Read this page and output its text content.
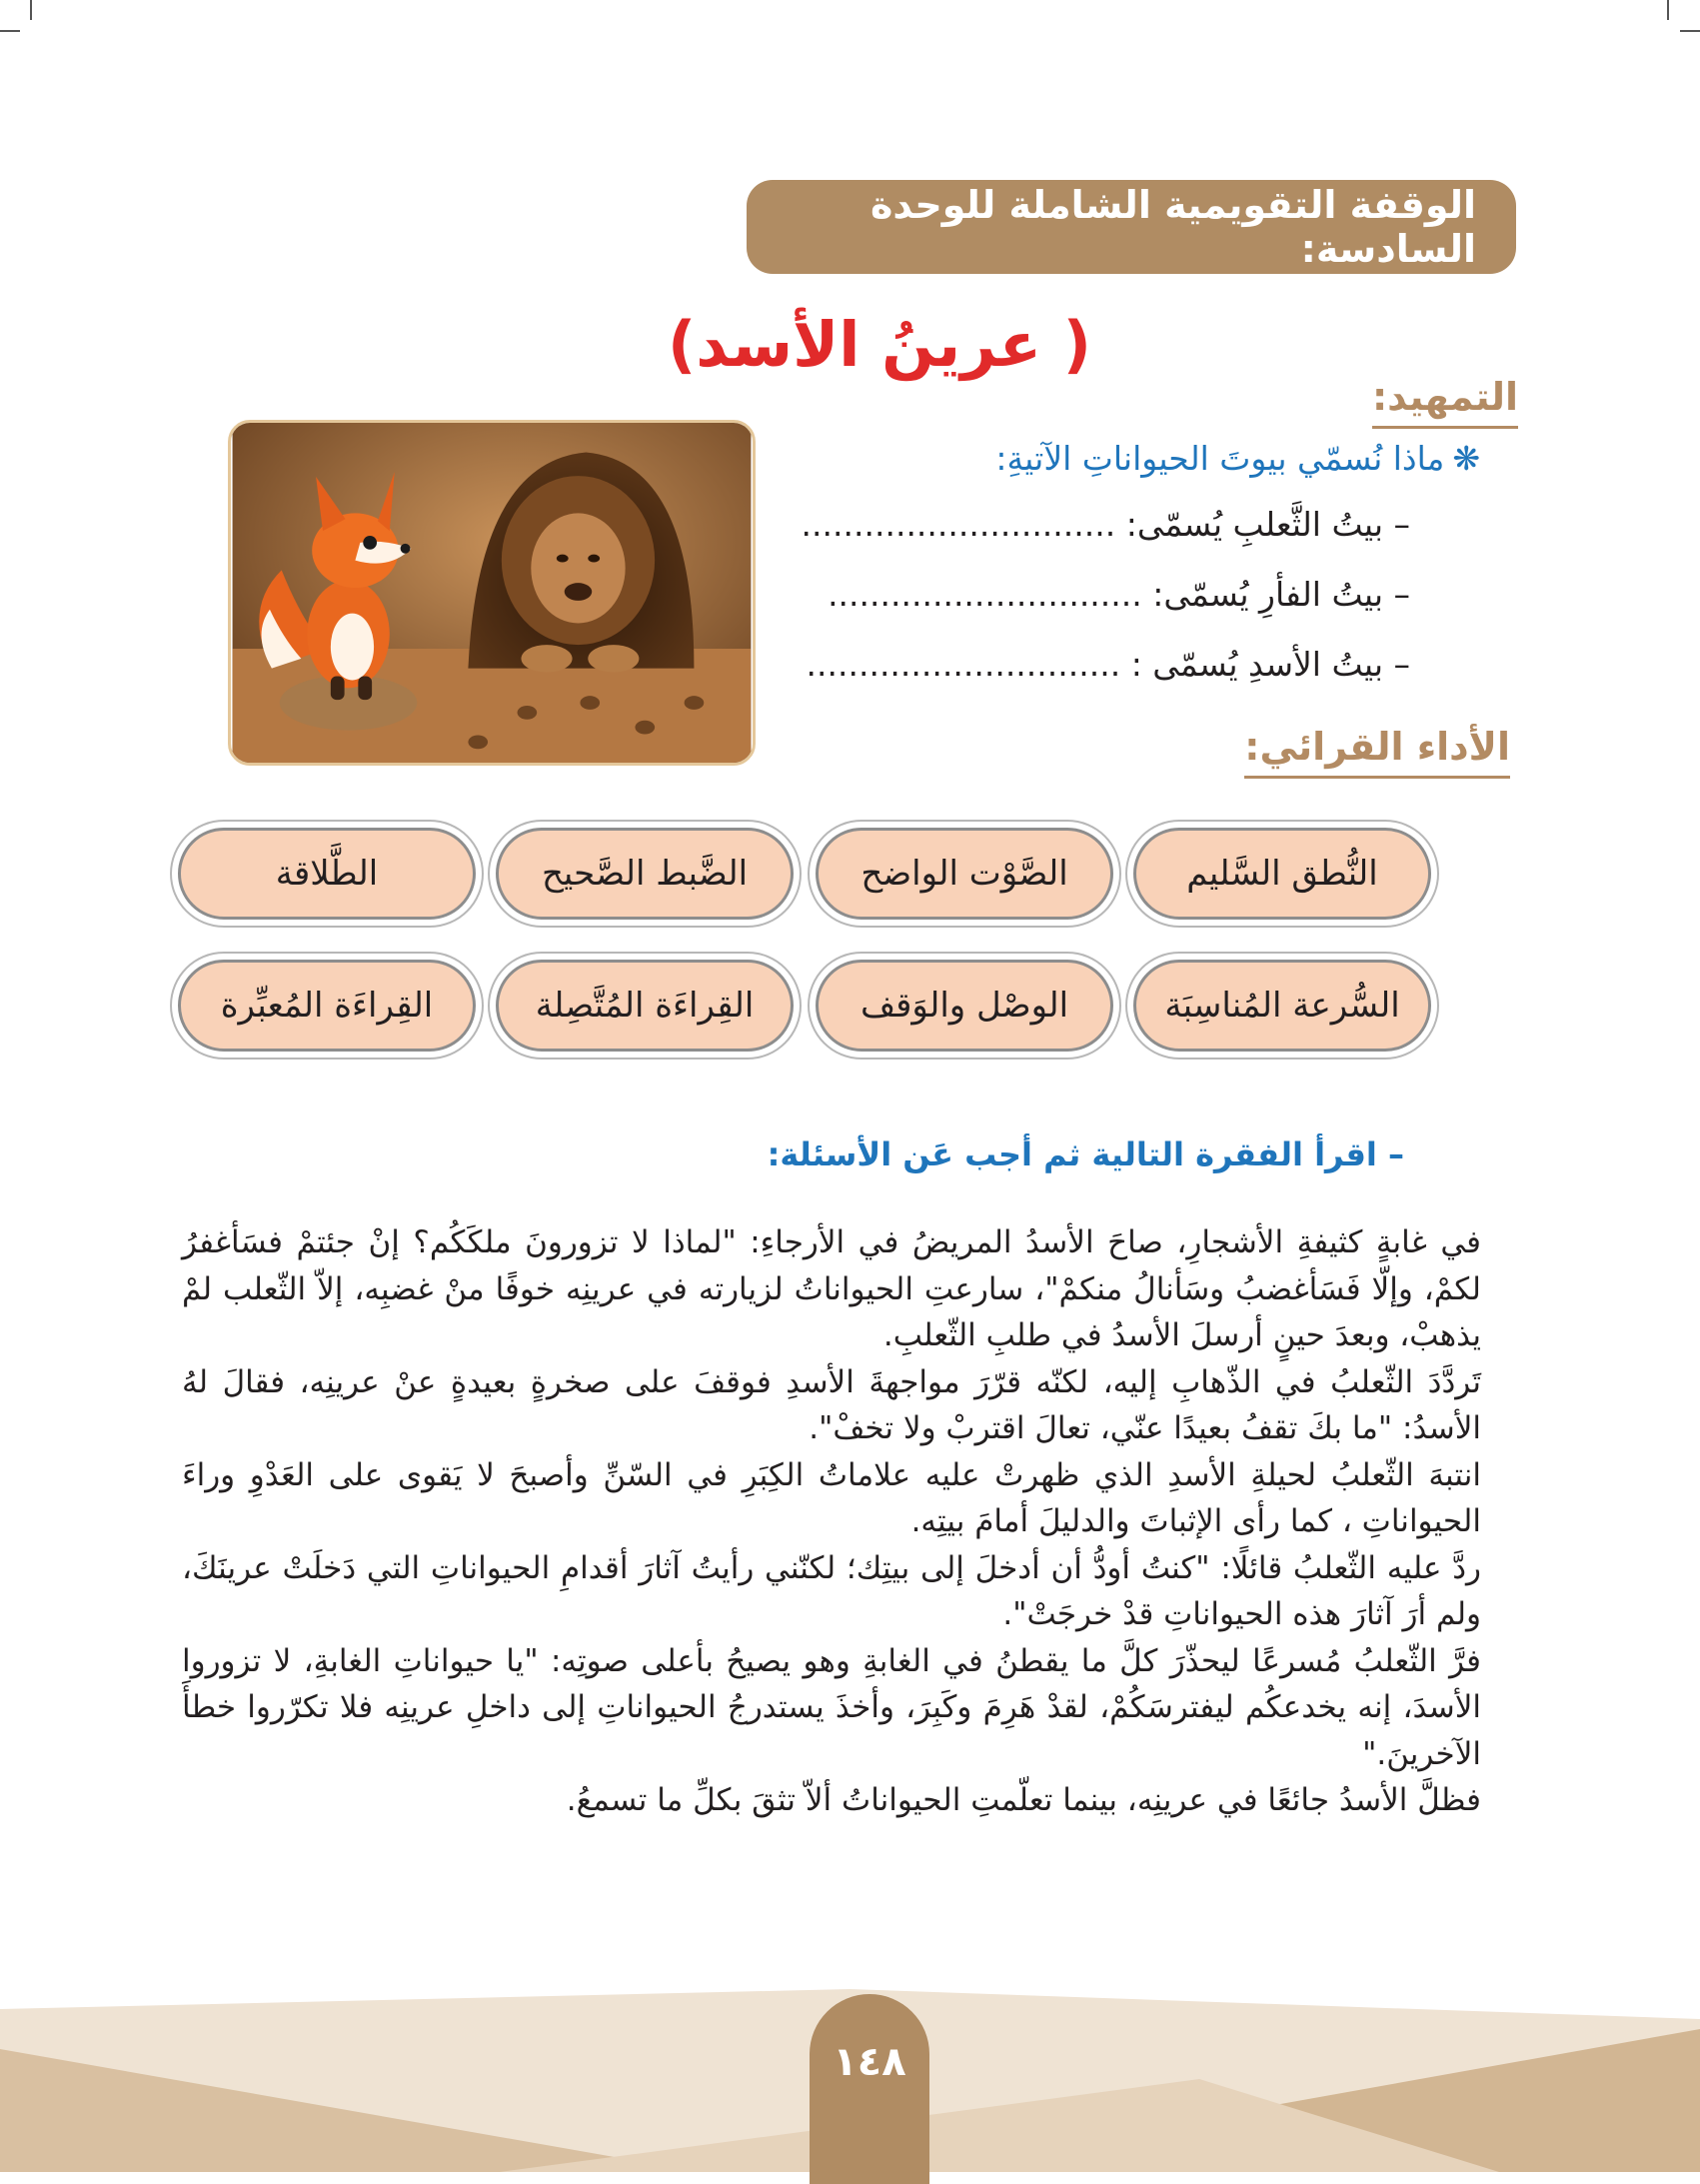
الوقفة التقويمية الشاملة للوحدة السادسة:
( عرينُ الأسد)
التمهيد:
❋ماذا نُسمّي بيوتَ الحيواناتِ الآتيةِ:
– بيتُ الثَّعلبِ يُسمّى: ..............................
– بيتُ الفأرِ يُسمّى: ..............................
– بيتُ الأسدِ يُسمّى : ..............................
الأداء القرائي:
النُّطق السَّليم
الصَّوْت الواضح
الضَّبط الصَّحيح
الطَّلاقة
السُّرعة المُناسِبَة
الوصْل والوَقف
القِراءَة المُتَّصِلة
القِراءَة المُعبِّرة
– اقرأ الفقرة التالية ثم أجب عَن الأسئلة:

في غابةٍ كثيفةِ الأشجارِ، صاحَ الأسدُ المريضُ في الأرجاءِ: "لماذا لا تزورونَ ملكَكُم؟ إنْ جئتمْ فسَأغفرُ لكمْ، وإلّا فَسَأغضبُ وسَأنالُ منكمْ"، سارعتِ الحيواناتُ لزيارته في عرينِه خوفًا منْ غضبِه، إلاّ الثّعلب لمْ يذهبْ، وبعدَ حينٍ أرسلَ الأسدُ في طلبِ الثّعلبِ.

تَردَّدَ الثّعلبُ في الذّهابِ إليه، لكنّه قرّرَ مواجهةَ الأسدِ فوقفَ على صخرةٍ بعيدةٍ عنْ عرينِه، فقالَ لهُ الأسدُ: "ما بكَ تقفُ بعيدًا عنّي، تعالَ اقتربْ ولا تخفْ".

انتبهَ الثّعلبُ لحيلةِ الأسدِ الذي ظهرتْ عليه علاماتُ الكِبَرِ في السّنِّ وأصبحَ لا يَقوى على العَدْوِ وراءَ الحيواناتِ ، كما رأى الإثباتَ والدليلَ أمامَ بيتِه.

ردَّ عليه الثّعلبُ قائلًا: "كنتُ أودُّ أن أدخلَ إلى بيتِك؛ لكنّني رأيتُ آثارَ أقدامِ الحيواناتِ التي دَخلَتْ عرينَكَ، ولم أرَ آثارَ هذه الحيواناتِ قدْ خرجَتْ".

فرَّ الثّعلبُ مُسرعًا ليحذّرَ كلَّ ما يقطنُ في الغابةِ وهو يصيحُ بأعلى صوتِه: "يا حيواناتِ الغابةِ، لا تزوروا الأسدَ، إنه يخدعكُم ليفترسَكُمْ، لقدْ هَرِمَ وكَبِرَ، وأخذَ يستدرجُ الحيواناتِ إلى داخلِ عرينِه فلا تكرّروا خطأَ الآخرينَ."

فظلَّ الأسدُ جائعًا في عرينِه، بينما تعلّمتِ الحيواناتُ ألاّ تثقَ بكلِّ ما تسمعُ.

١٤٨
